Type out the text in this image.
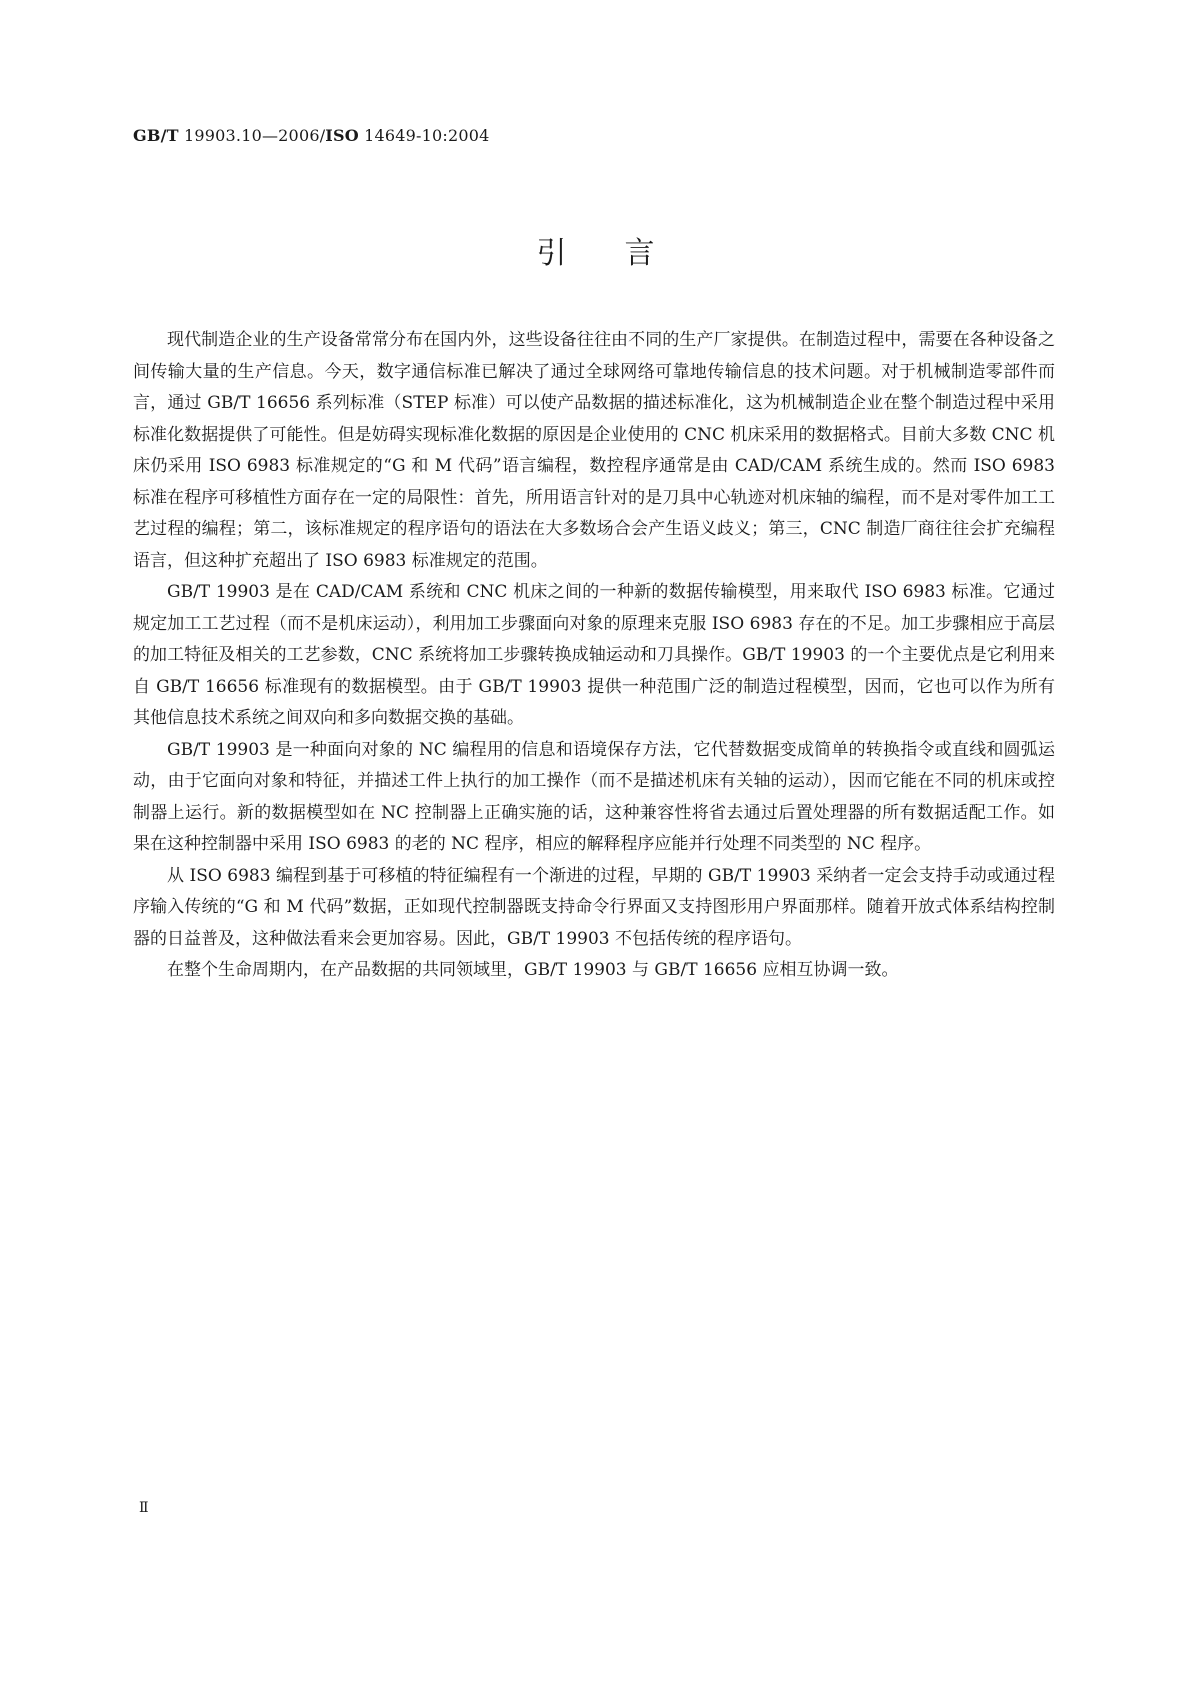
GB/T 19903.10—2006/ISO 14649-10:2004
引言

现代制造企业的生产设备常常分布在国内外，这些设备往往由不同的生产厂家提供。在制造过程中，需要在各种设备之间传输大量的生产信息。今天，数字通信标准已解决了通过全球网络可靠地传输信息的技术问题。对于机械制造零部件而言，通过 GB/T 16656 系列标准（STEP 标准）可以使产品数据的描述标准化，这为机械制造企业在整个制造过程中采用标准化数据提供了可能性。但是妨碍实现标准化数据的原因是企业使用的 CNC 机床采用的数据格式。目前大多数 CNC 机床仍采用 ISO 6983 标准规定的“G 和 M 代码”语言编程，数控程序通常是由 CAD/CAM 系统生成的。然而 ISO 6983 标准在程序可移植性方面存在一定的局限性：首先，所用语言针对的是刀具中心轨迹对机床轴的编程，而不是对零件加工工艺过程的编程；第二，该标准规定的程序语句的语法在大多数场合会产生语义歧义；第三，CNC 制造厂商往往会扩充编程语言，但这种扩充超出了 ISO 6983 标准规定的范围。

GB/T 19903 是在 CAD/CAM 系统和 CNC 机床之间的一种新的数据传输模型，用来取代 ISO 6983 标准。它通过规定加工工艺过程（而不是机床运动），利用加工步骤面向对象的原理来克服 ISO 6983 存在的不足。加工步骤相应于高层的加工特征及相关的工艺参数，CNC 系统将加工步骤转换成轴运动和刀具操作。GB/T 19903 的一个主要优点是它利用来自 GB/T 16656 标准现有的数据模型。由于 GB/T 19903 提供一种范围广泛的制造过程模型，因而，它也可以作为所有其他信息技术系统之间双向和多向数据交换的基础。

GB/T 19903 是一种面向对象的 NC 编程用的信息和语境保存方法，它代替数据变成简单的转换指令或直线和圆弧运动，由于它面向对象和特征，并描述工件上执行的加工操作（而不是描述机床有关轴的运动），因而它能在不同的机床或控制器上运行。新的数据模型如在 NC 控制器上正确实施的话，这种兼容性将省去通过后置处理器的所有数据适配工作。如果在这种控制器中采用 ISO 6983 的老的 NC 程序，相应的解释程序应能并行处理不同类型的 NC 程序。

从 ISO 6983 编程到基于可移植的特征编程有一个渐进的过程，早期的 GB/T 19903 采纳者一定会支持手动或通过程序输入传统的“G 和 M 代码”数据，正如现代控制器既支持命令行界面又支持图形用户界面那样。随着开放式体系结构控制器的日益普及，这种做法看来会更加容易。因此，GB/T 19903 不包括传统的程序语句。

在整个生命周期内，在产品数据的共同领域里，GB/T 19903 与 GB/T 16656 应相互协调一致。

Ⅱ
